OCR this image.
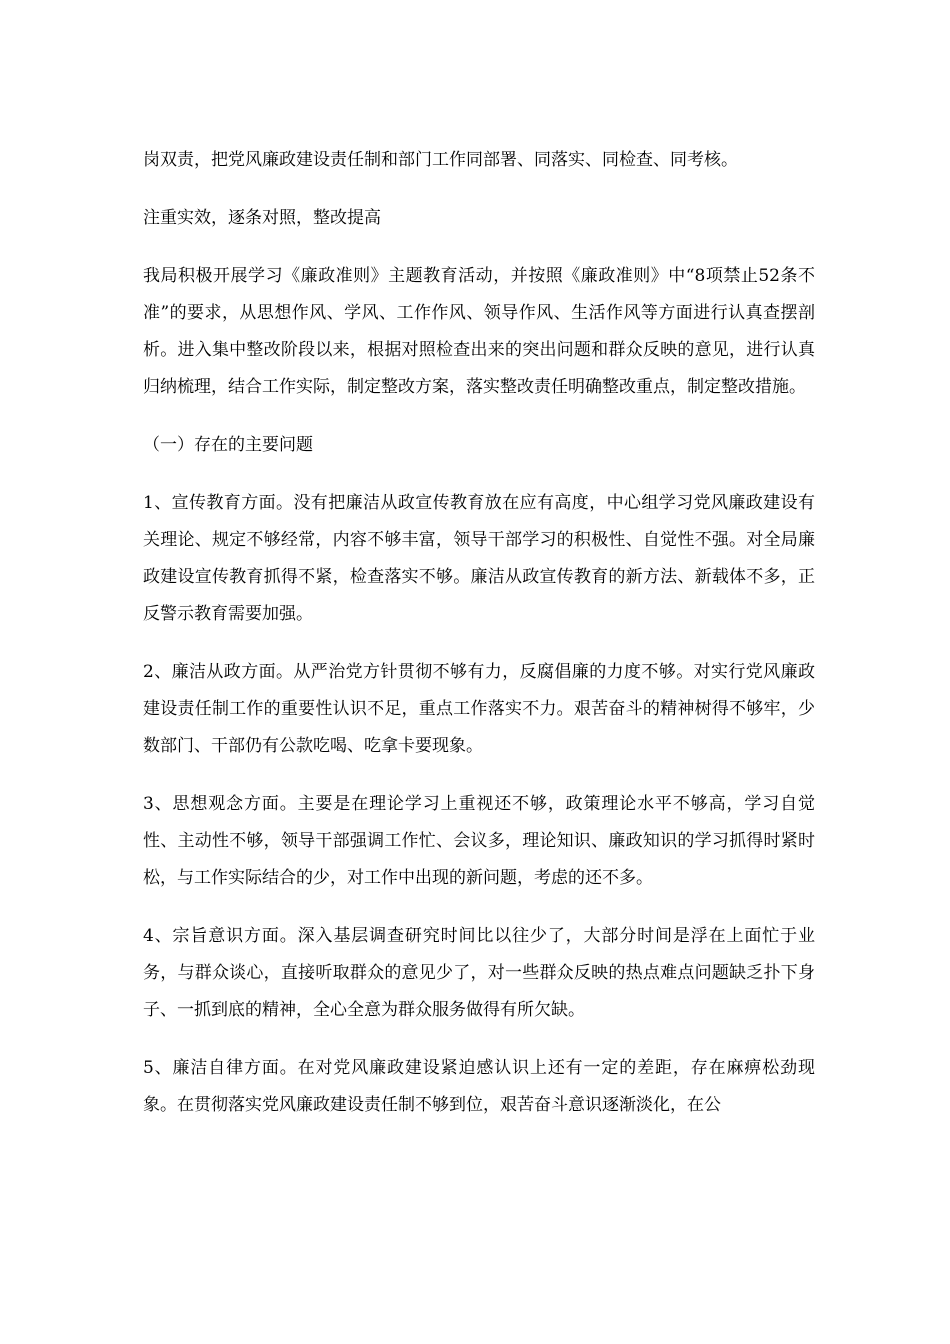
岗双责，把党风廉政建设责任制和部门工作同部署、同落实、同检查、同考核。

注重实效，逐条对照，整改提高

我局积极开展学习《廉政准则》主题教育活动，并按照《廉政准则》中“8项禁止52条不准”的要求，从思想作风、学风、工作作风、领导作风、生活作风等方面进行认真查摆剖析。进入集中整改阶段以来，根据对照检查出来的突出问题和群众反映的意见，进行认真归纳梳理，结合工作实际，制定整改方案，落实整改责任明确整改重点，制定整改措施。

（一）存在的主要问题

1、宣传教育方面。没有把廉洁从政宣传教育放在应有高度，中心组学习党风廉政建设有关理论、规定不够经常，内容不够丰富，领导干部学习的积极性、自觉性不强。对全局廉政建设宣传教育抓得不紧，检查落实不够。廉洁从政宣传教育的新方法、新载体不多，正反警示教育需要加强。

2、廉洁从政方面。从严治党方针贯彻不够有力，反腐倡廉的力度不够。对实行党风廉政建设责任制工作的重要性认识不足，重点工作落实不力。艰苦奋斗的精神树得不够牢，少数部门、干部仍有公款吃喝、吃拿卡要现象。

3、思想观念方面。主要是在理论学习上重视还不够，政策理论水平不够高，学习自觉性、主动性不够，领导干部强调工作忙、会议多，理论知识、廉政知识的学习抓得时紧时松，与工作实际结合的少，对工作中出现的新问题，考虑的还不多。

4、宗旨意识方面。深入基层调查研究时间比以往少了，大部分时间是浮在上面忙于业务，与群众谈心，直接听取群众的意见少了，对一些群众反映的热点难点问题缺乏扑下身子、一抓到底的精神，全心全意为群众服务做得有所欠缺。

5、廉洁自律方面。在对党风廉政建设紧迫感认识上还有一定的差距，存在麻痹松劲现象。在贯彻落实党风廉政建设责任制不够到位，艰苦奋斗意识逐渐淡化，在公
